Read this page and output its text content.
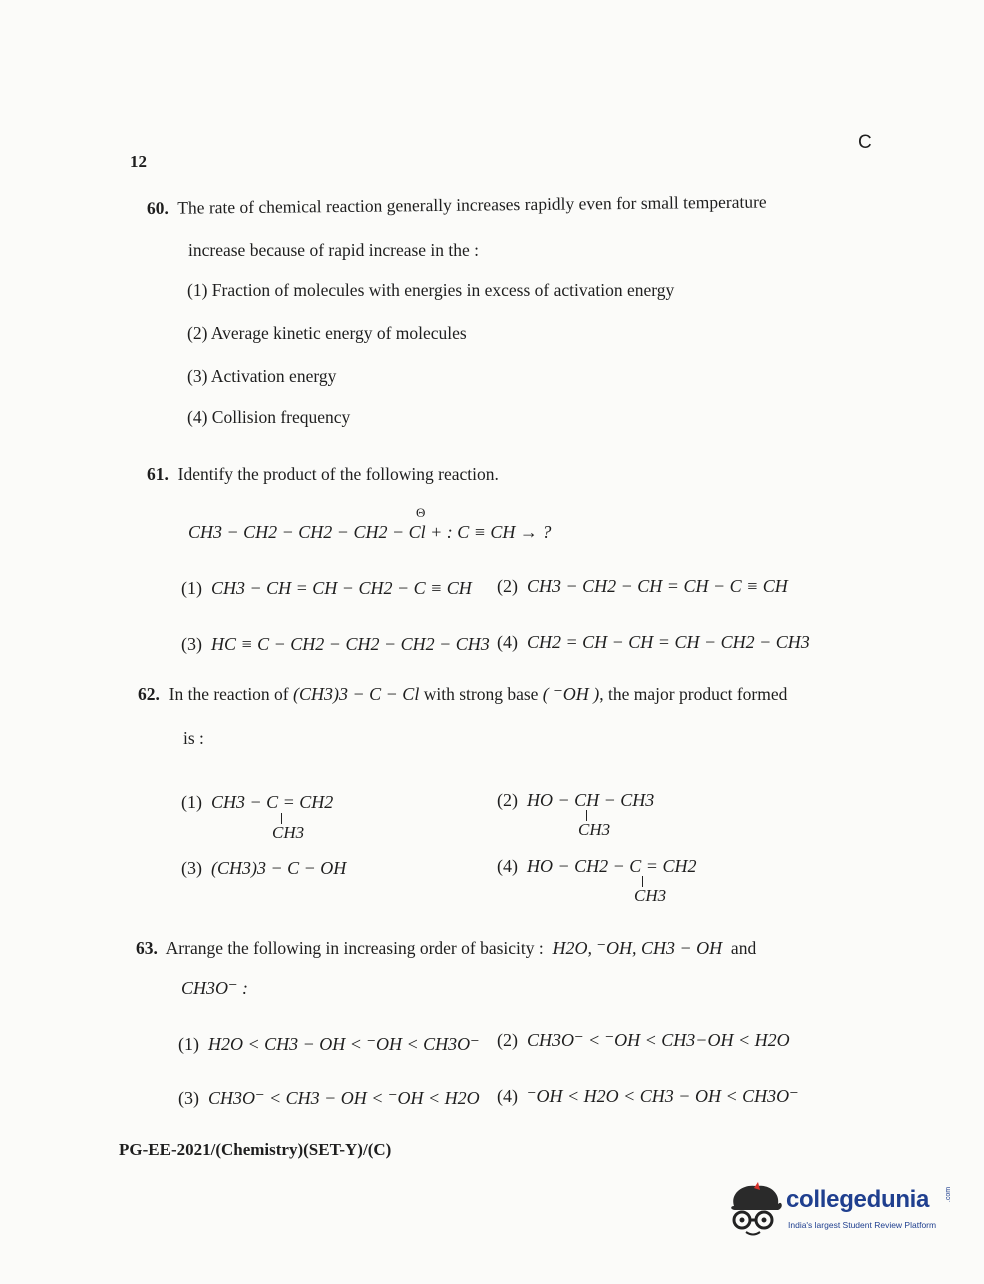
12
C
60. The rate of chemical reaction generally increases rapidly even for small temperature
increase because of rapid increase in the :
(1) Fraction of molecules with energies in excess of activation energy
(2) Average kinetic energy of molecules
(3) Activation energy
(4) Collision frequency
61. Identify the product of the following reaction.
Θ
CH3 − CH2 − CH2 − CH2 − Cl + : C ≡ CH → ?
(1) CH3 − CH = CH − CH2 − C ≡ CH (2) CH3 − CH2 − CH = CH − C ≡ CH
(3) HC ≡ C − CH2 − CH2 − CH2 − CH3 (4) CH2 = CH − CH = CH − CH2 − CH3
62. In the reaction of (CH3)3 − C − Cl with strong base ( ⁻OH ), the major product formed
is :
(1) CH3 − C = CH2
CH3
(2) HO − CH − CH3
CH3
(3) (CH3)3 − C − OH	(4) HO − CH2 − C = CH2
CH3
63. Arrange the following in increasing order of basicity : H2O, ⁻OH, CH3 − OH and
CH3O⁻ :
(1) H2O < CH3 − OH < ⁻OH < CH3O⁻ (2) CH3O⁻ < ⁻OH < CH3−OH < H2O
(3) CH3O⁻ < CH3 − OH < ⁻OH < H2O (4) ⁻OH < H2O < CH3 − OH < CH3O⁻
PG-EE-2021/(Chemistry)(SET-Y)/(C)
collegedunia .com
India's largest Student Review Platform
